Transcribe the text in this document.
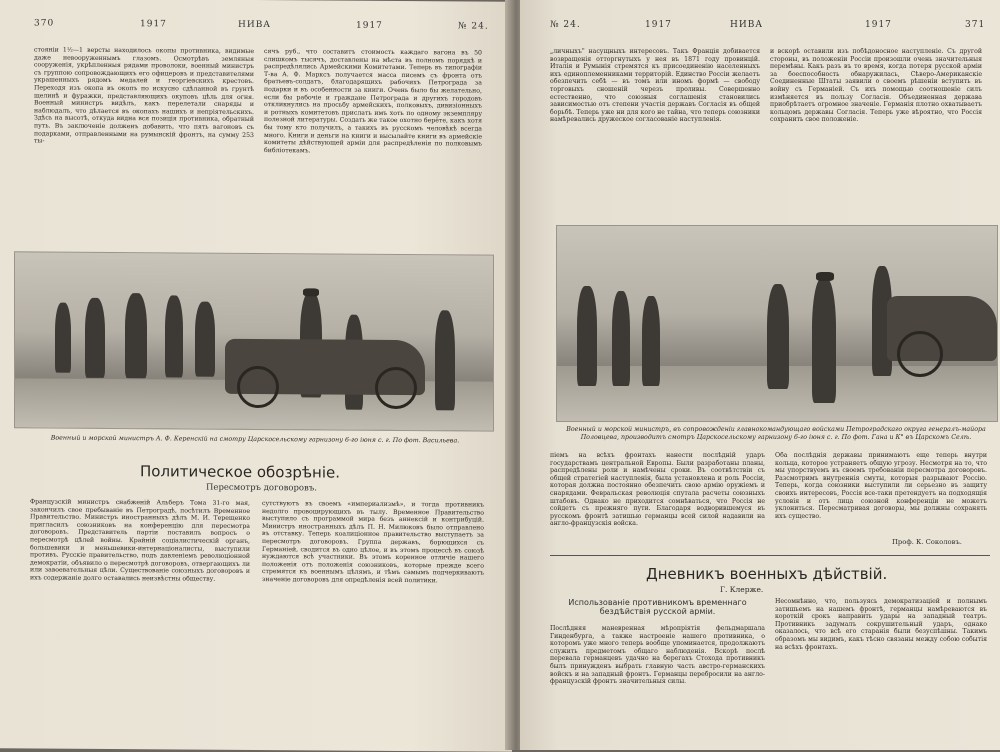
370	1917	НИВА	1917	№ 24.
стояніи 1½—1 версты находилось окопы противника, видимые даже невооруженнымъ глазомъ. Осмотрѣвъ земляныя сооруженія, укрѣпленныя рядами проволоки, военный министръ съ группою сопровождающихъ его офицеровъ и представителями украшенныхъ рядомъ медалей и георгіевскихъ крестовъ. Переходя изъ окопа въ окопъ по искусно сдѣланной въ грунтѣ щелинѣ и фуражки, представляющихъ окуповъ цѣль для огня. Военный министръ видѣлъ, какъ перелетали снаряды и наблюдалъ, что дѣлается въ окопахъ нашихъ и непріятельскихъ. Здѣсь на высотѣ, откуда видна вся позиція противника, обратный путь. Въ заключеніе долженъ добавить, что пять вагоновъ съ подарками, отправленными на румынскій фронтъ, на сумму 253 ты-
сячъ руб., что составитъ стоимость каждаго вагона въ 50 слишкомъ тысячъ, доставлены на мѣста въ полномъ порядкѣ и распредѣлялись Армейскими Комитетами. Теперь въ типографіи Т-ва А. Ф. Марксъ получается масса писемъ съ фронта отъ братьевъ-солдатъ, благодарящихъ рабочихъ Петрограда за подарки и въ особенности за книги. Очень было бы желательно, если бы рабочіе и граждане Петрограда и другихъ городовъ откликнулись на просьбу армейскихъ, полковыхъ, дивизіонныхъ и ротныхъ комитетовъ прислать имъ хоть по одному экземпляру полезной литературы. Создать же такое охотно берёте, какъ хотя бы тому кто получилъ, а такихъ въ русскомъ человѣкѣ всегда много. Книги и деньги на книги и высылайте книги въ армейскіе комитеты дѣйствующей арміи для распредѣленія по полковымъ библіотекамъ.
Военный и морской министръ А. Ф. Керенскій на смотру Царскосельскому гарнизону 6-го іюня с. г. По фот. Васильева.
Политическое обозрѣніе.
Пересмотръ договоровъ.
Французскій министръ снабженій Альберъ Тома 31-го мая, закончилъ свое пребываніе въ Петроградѣ, посѣтилъ Временное Правительство. Министръ иностранныхъ дѣлъ М. И. Терещенко пригласилъ союзниковъ на конференцію для пересмотра договоровъ. Представитель партіи поставилъ вопросъ о пересмотрѣ цѣлей войны. Крайній соціалистическій органъ, большевики и меньшевики-интернаціоналисты, выступили противъ. Русскіе правительство, подъ давленіемъ революціонной демократіи, объявило о пересмотрѣ договоровъ, отвергающихъ ли или завоевательныя цѣли. Существованіе союзныхъ договоровъ и ихъ содержаніе долго оставались неизвѣстны обществу.
сутствуютъ въ своемъ «империализмѣ», и тогда противникъ недолго провоцирующихъ въ тылу. Временное Правительство выступило съ программой мира безъ аннексій и контрибуцій. Министръ иностранныхъ дѣлъ П. Н. Милюковъ было отправлено въ отставку. Теперь коалиціонное правительство выступаетъ за пересмотръ договоровъ. Группа державъ, борющихся съ Германіей, сводится въ одно цѣлое, и въ этомъ процессѣ въ союзѣ нуждаются всѣ участники. Въ этомъ коренное отличіе нашего положенія отъ положенія союзниковъ, которые прежде всего стремятся къ военнымъ цѣлямъ, и тѣмъ самымъ подчеркиваютъ значеніе договоровъ для опредѣленія всей политики.
№ 24.	1917	НИВА	1917	371
„личныхъ" насущныхъ интересовъ. Такъ Франція добивается возвращенія отторгнутыхъ у нея въ 1871 году провинцій. Италія и Румынія стремятся къ присоединенію населенныхъ ихъ единоплеменниками территорій. Единство Россіи желаетъ обезпечить себѣ — въ томъ или иномъ формѣ — свободу торговыхъ сношеній черезъ проливы. Совершенно естественно, что союзныя соглашенія становились зависимостью отъ степени участія державъ Согласія въ общей борьбѣ. Теперь уже ни для кого не тайна, что теперь союзники намѣревались дружеское согласованіе наступленія.
и вскорѣ оставили изъ побѣдоносное наступленіе. Съ другой стороны, въ положеніи Россіи произошли очень значительныя перемѣны. Какъ разъ въ то время, когда потеря русской арміи за боеспособность обнаружилась, Сѣверо-Американскіе Соединенные Штаты заявили о своемъ рѣшеніи вступить въ войну съ Германіей. Съ ихъ помощью соотношеніе силъ измѣняется въ пользу Согласія. Объединенная держава приобрѣтаетъ огромное значеніе. Германія плотно охватываетъ кольцомъ державы Согласія. Теперь уже вѣроятно, что Россія сохранить свое положеніе.
Военный и морской министръ, въ сопровожденіи главнокомандующаго войсками Петроградскаго округа генералъ-майора Половцева, производитъ смотръ Царскосельскому гарнизону 6-го іюня с. г. По фот. Гана и К° въ Царскомъ Селѣ.
піемъ на всѣхъ фронтахъ нанести послѣдній ударъ государствамъ центральной Европы. Были разработаны планы, распредѣлены роли и намѣчены сроки. Въ соотвѣтствіи съ общей стратегіей наступленія, была установлена и роль Россіи, которая должна постоянно обезпечить свою армію оружіемъ и снарядами. Февральская революція спутала расчеты союзныхъ штабовъ. Однако не приходится сомнѣваться, что Россія не сойдетъ съ прежняго пути. Благодаря водворившемуся въ русскомъ фронтѣ затишью германцы всей силой надавили на англо-французскія войска.
Оба послѣднія державы принимаютъ еще теперь внутри кольца, которое устраняетъ общую угрозу. Несмотря на то, что мы упорствуемъ въ своемъ требованіи пересмотра договоровъ. Разсмотримъ внутреннія смуты, которыя разрывают Россію. Теперь, когда союзники выступили ли серьезно въ защиту своихъ интересовъ, Россія все-таки претендуетъ на подходящія условія и отъ лица союзной конференціи не можетъ уклониться. Пересматривая договоры, мы должны сохранять ихъ существо.
Проф. К. Соколовъ.
Дневникъ военныхъ дѣйствій.
Г. Клерже.
Использованіе противникомъ временнаго бездѣйствія русской арміи.
Послѣдняя маневренная мѣропріятія фельдмаршала Гинденбурга, а также настроеніе нашего противника, о которомъ уже много теперь вообще упоминается, продолжаютъ служить предметомъ общаго наблюденія. Вскорѣ послѣ перевала германцевъ удачно на берегахъ Стохода противникъ былъ принужденъ выбрать главную часть австро-германскихъ войскъ и на западный фронтъ. Германцы перебросили на англо-французскій фронтъ значительныя силы.
Несомнѣнно, что, пользуясь демократизаціей и полнымъ затишьемъ на нашемъ фронтѣ, германцы намѣреваются въ короткій срокъ направить удары на западный театръ. Противникъ задумалъ сокрушительный ударъ, однако оказалось, что всѣ его старанія были безуспѣшны. Такимъ образомъ мы видимъ, какъ тѣсно связаны между собою событія на всѣхъ фронтахъ.
